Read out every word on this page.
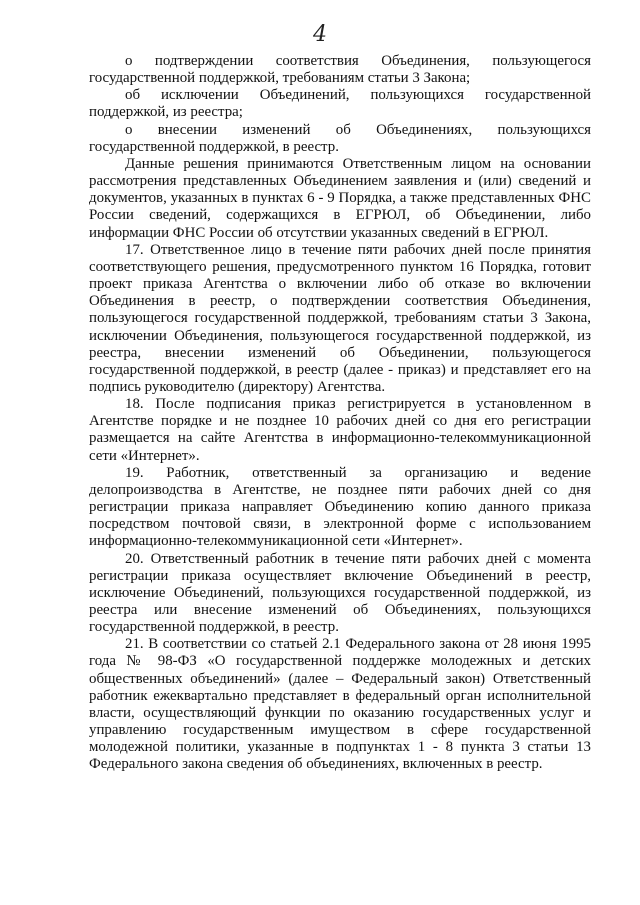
4

о подтверждении соответствия Объединения, пользующегося государственной поддержкой, требованиям статьи 3 Закона;

об исключении Объединений, пользующихся государственной поддержкой, из реестра;

о внесении изменений об Объединениях, пользующихся государственной поддержкой, в реестр.

Данные решения принимаются Ответственным лицом на основании рассмотрения представленных Объединением заявления и (или) сведений и документов, указанных в пунктах 6 - 9 Порядка, а также представленных ФНС России сведений, содержащихся в ЕГРЮЛ, об Объединении, либо информации ФНС России об отсутствии указанных сведений в ЕГРЮЛ.

17. Ответственное лицо в течение пяти рабочих дней после принятия соответствующего решения, предусмотренного пунктом 16 Порядка, готовит проект приказа Агентства о включении либо об отказе во включении Объединения в реестр, о подтверждении соответствия Объединения, пользующегося государственной поддержкой, требованиям статьи 3 Закона, исключении Объединения, пользующегося государственной поддержкой, из реестра, внесении изменений об Объединении, пользующегося государственной поддержкой, в реестр (далее - приказ) и представляет его на подпись руководителю (директору) Агентства.

18. После подписания приказ регистрируется в установленном в Агентстве порядке и не позднее 10 рабочих дней со дня его регистрации размещается на сайте Агентства в информационно-телекоммуникационной сети «Интернет».

19. Работник, ответственный за организацию и ведение делопроизводства в Агентстве, не позднее пяти рабочих дней со дня регистрации приказа направляет Объединению копию данного приказа посредством почтовой связи, в электронной форме с использованием информационно-телекоммуникационной сети «Интернет».

20. Ответственный работник в течение пяти рабочих дней с момента регистрации приказа осуществляет включение Объединений в реестр, исключение Объединений, пользующихся государственной поддержкой, из реестра или внесение изменений об Объединениях, пользующихся государственной поддержкой, в реестр.

21. В соответствии со статьей 2.1 Федерального закона от 28 июня 1995 года № 98-ФЗ «О государственной поддержке молодежных и детских общественных объединений» (далее – Федеральный закон) Ответственный работник ежеквартально представляет в федеральный орган исполнительной власти, осуществляющий функции по оказанию государственных услуг и управлению государственным имуществом в сфере государственной молодежной политики, указанные в подпунктах 1 - 8 пункта 3 статьи 13 Федерального закона сведения об объединениях, включенных в реестр.
